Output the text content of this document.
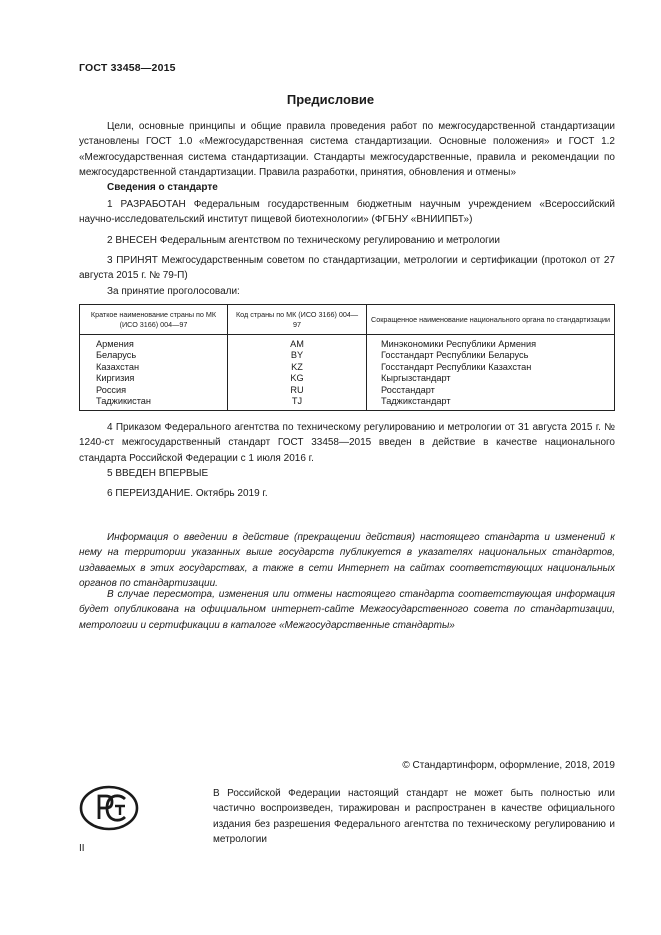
ГОСТ 33458—2015
Предисловие
Цели, основные принципы и общие правила проведения работ по межгосударственной стандартизации установлены ГОСТ 1.0 «Межгосударственная система стандартизации. Основные положения» и ГОСТ 1.2 «Межгосударственная система стандартизации. Стандарты межгосударственные, правила и рекомендации по межгосударственной стандартизации. Правила разработки, принятия, обновления и отмены»
Сведения о стандарте
1 РАЗРАБОТАН Федеральным государственным бюджетным научным учреждением «Всероссийский научно-исследовательский институт пищевой биотехнологии» (ФГБНУ «ВНИИПБТ»)
2 ВНЕСЕН Федеральным агентством по техническому регулированию и метрологии
3 ПРИНЯТ Межгосударственным советом по стандартизации, метрологии и сертификации (протокол от 27 августа 2015 г. № 79-П)
За принятие проголосовали:
Краткое наименование страны по МК (ИСО 3166) 004—97	Код страны по МК (ИСО 3166) 004—97	Сокращенное наименование национального органа по стандартизации
Армения	AM	Минэкономики Республики Армения
Беларусь	BY	Госстандарт Республики Беларусь
Казахстан	KZ	Госстандарт Республики Казахстан
Киргизия	KG	Кыргызстандарт
Россия	RU	Росстандарт
Таджикистан	TJ	Таджикстандарт
4 Приказом Федерального агентства по техническому регулированию и метрологии от 31 августа 2015 г. № 1240-ст межгосударственный стандарт ГОСТ 33458—2015 введен в действие в качестве национального стандарта Российской Федерации с 1 июля 2016 г.
5 ВВЕДЕН ВПЕРВЫЕ
6 ПЕРЕИЗДАНИЕ. Октябрь 2019 г.
Информация о введении в действие (прекращении действия) настоящего стандарта и изменений к нему на территории указанных выше государств публикуется в указателях национальных стандартов, издаваемых в этих государствах, а также в сети Интернет на сайтах соответствующих национальных органов по стандартизации.
В случае пересмотра, изменения или отмены настоящего стандарта соответствующая информация будет опубликована на официальном интернет-сайте Межгосударственного совета по стандартизации, метрологии и сертификации в каталоге «Межгосударственные стандарты»
© Стандартинформ, оформление, 2018, 2019
В Российской Федерации настоящий стандарт не может быть полностью или частично воспроизведен, тиражирован и распространен в качестве официального издания без разрешения Федерального агентства по техническому регулированию и метрологии
II
